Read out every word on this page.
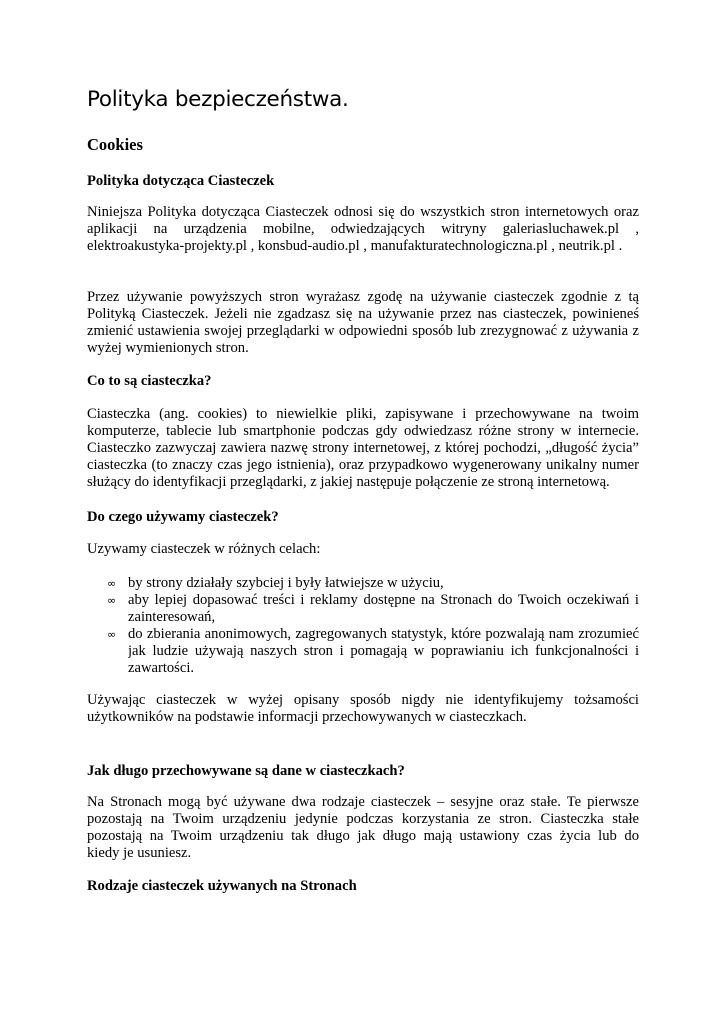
Polityka bezpieczeństwa.
Cookies
Polityka dotycząca Ciasteczek
Niniejsza Polityka dotycząca Ciasteczek odnosi się do wszystkich stron internetowych oraz
aplikacji na urządzenia mobilne, odwiedzających witryny galeriasluchawek.pl ,
elektroakustyka-projekty.pl , konsbud-audio.pl , manufakturatechnologiczna.pl , neutrik.pl .
Przez używanie powyższych stron wyrażasz zgodę na używanie ciasteczek zgodnie z tą
Polityką Ciasteczek. Jeżeli nie zgadzasz się na używanie przez nas ciasteczek, powinieneś
zmienić ustawienia swojej przeglądarki w odpowiedni sposób lub zrezygnować z używania z
wyżej wymienionych stron.
Co to są ciasteczka?
Ciasteczka (ang. cookies) to niewielkie pliki, zapisywane i przechowywane na twoim
komputerze, tablecie lub smartphonie podczas gdy odwiedzasz różne strony w internecie.
Ciasteczko zazwyczaj zawiera nazwę strony internetowej, z której pochodzi, „długość życia”
ciasteczka (to znaczy czas jego istnienia), oraz przypadkowo wygenerowany unikalny numer
służący do identyfikacji przeglądarki, z jakiej następuje połączenie ze stroną internetową.
Do czego używamy ciasteczek?

Uzywamy ciasteczek w różnych celach:

∞ by strony działały szybciej i były łatwiejsze w użyciu,
∞ aby lepiej dopasować treści i reklamy dostępne na Stronach do Twoich oczekiwań i
zainteresowań,
∞ do zbierania anonimowych, zagregowanych statystyk, które pozwalają nam zrozumieć
jak ludzie używają naszych stron i pomagają w poprawianiu ich funkcjonalności i
zawartości.
Używając ciasteczek w wyżej opisany sposób nigdy nie identyfikujemy tożsamości
użytkowników na podstawie informacji przechowywanych w ciasteczkach.
Jak długo przechowywane są dane w ciasteczkach?
Na Stronach mogą być używane dwa rodzaje ciasteczek – sesyjne oraz stałe. Te pierwsze
pozostają na Twoim urządzeniu jedynie podczas korzystania ze stron. Ciasteczka stałe
pozostają na Twoim urządzeniu tak długo jak długo mają ustawiony czas życia lub do
kiedy je usuniesz.
Rodzaje ciasteczek używanych na Stronach
